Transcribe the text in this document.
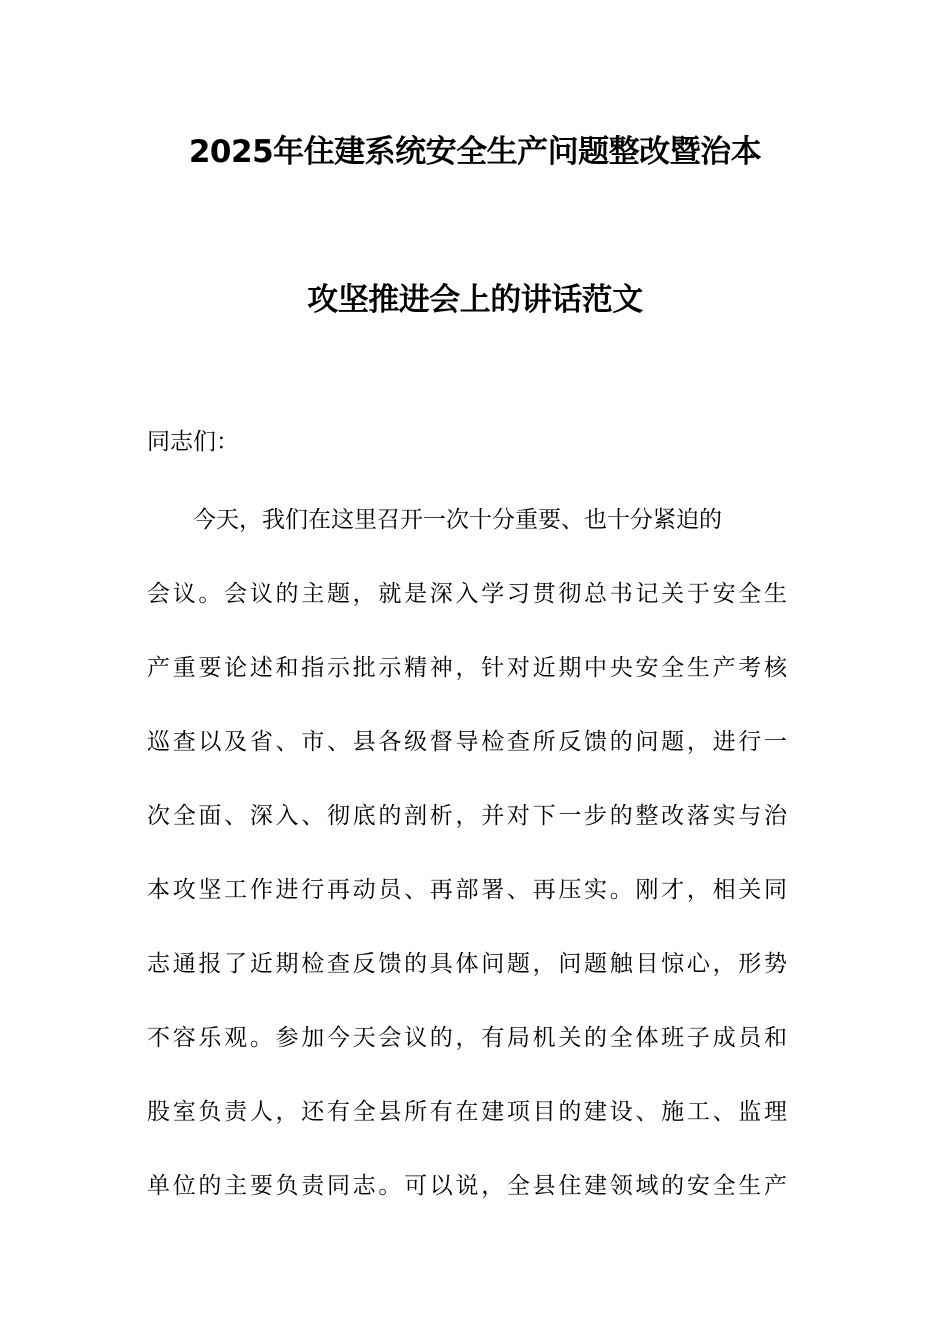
2025年住建系统安全生产问题整改暨治本
攻坚推进会上的讲话范文
同志们：
今天，我们在这里召开一次十分重要、也十分紧迫的
会议。会议的主题，就是深入学习贯彻总书记关于安全生
产重要论述和指示批示精神，针对近期中央安全生产考核
巡查以及省、市、县各级督导检查所反馈的问题，进行一
次全面、深入、彻底的剖析，并对下一步的整改落实与治
本攻坚工作进行再动员、再部署、再压实。刚才，相关同
志通报了近期检查反馈的具体问题，问题触目惊心，形势
不容乐观。参加今天会议的，有局机关的全体班子成员和
股室负责人，还有全县所有在建项目的建设、施工、监理
单位的主要负责同志。可以说，全县住建领域的安全生产
